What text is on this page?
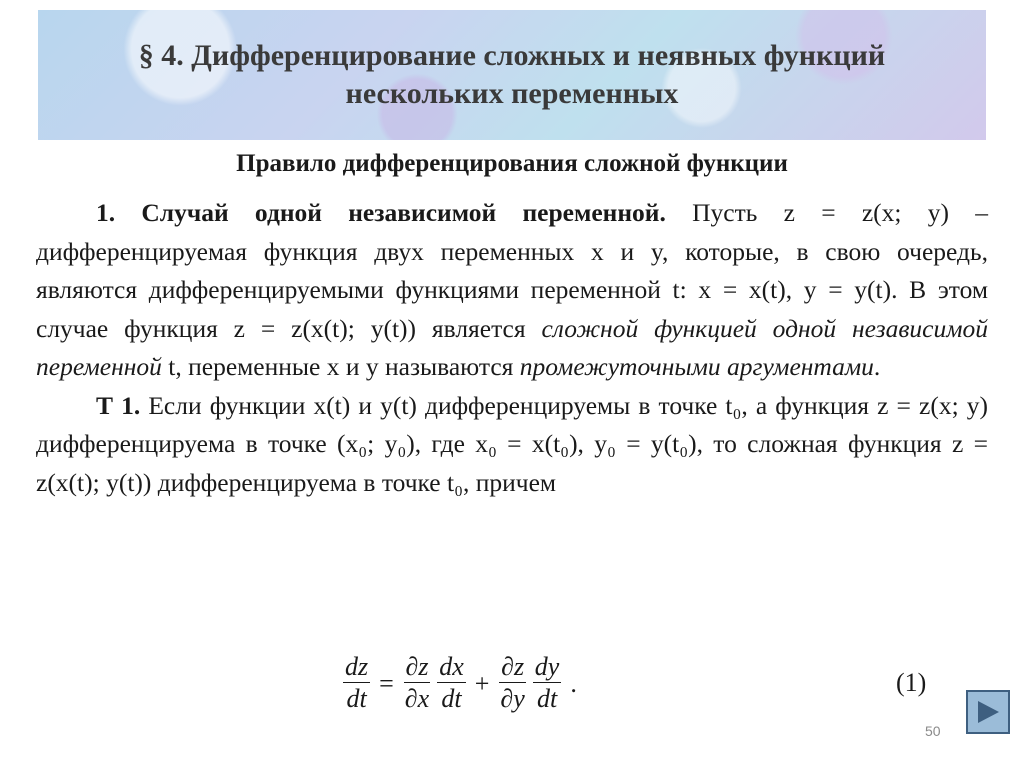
§ 4. Дифференцирование сложных и неявных функций
нескольких переменных
Правило дифференцирования сложной функции

1. Случай одной независимой переменной. Пусть z = z(x; y) – дифференцируемая функция двух переменных x и y, которые, в свою очередь, являются дифференцируемыми функциями переменной t: x = x(t), y = y(t). В этом случае функция z = z(x(t); y(t)) является сложной функцией одной независимой переменной t, переменные x и y называются промежуточными аргументами.

Т 1. Если функции x(t) и y(t) дифференцируемы в точке t₀, а функция z = z(x; y) дифференцируема в точке (x₀; y₀), где x₀ = x(t₀), y₀ = y(t₀), то сложная функция z = z(x(t); y(t)) дифференцируема в точке t₀, причем

$\frac{dz}{dt} = \frac{\partial z}{\partial x} \frac{dx}{dt} + \frac{\partial z}{\partial y} \frac{dy}{dt}$ .	(1)
50
